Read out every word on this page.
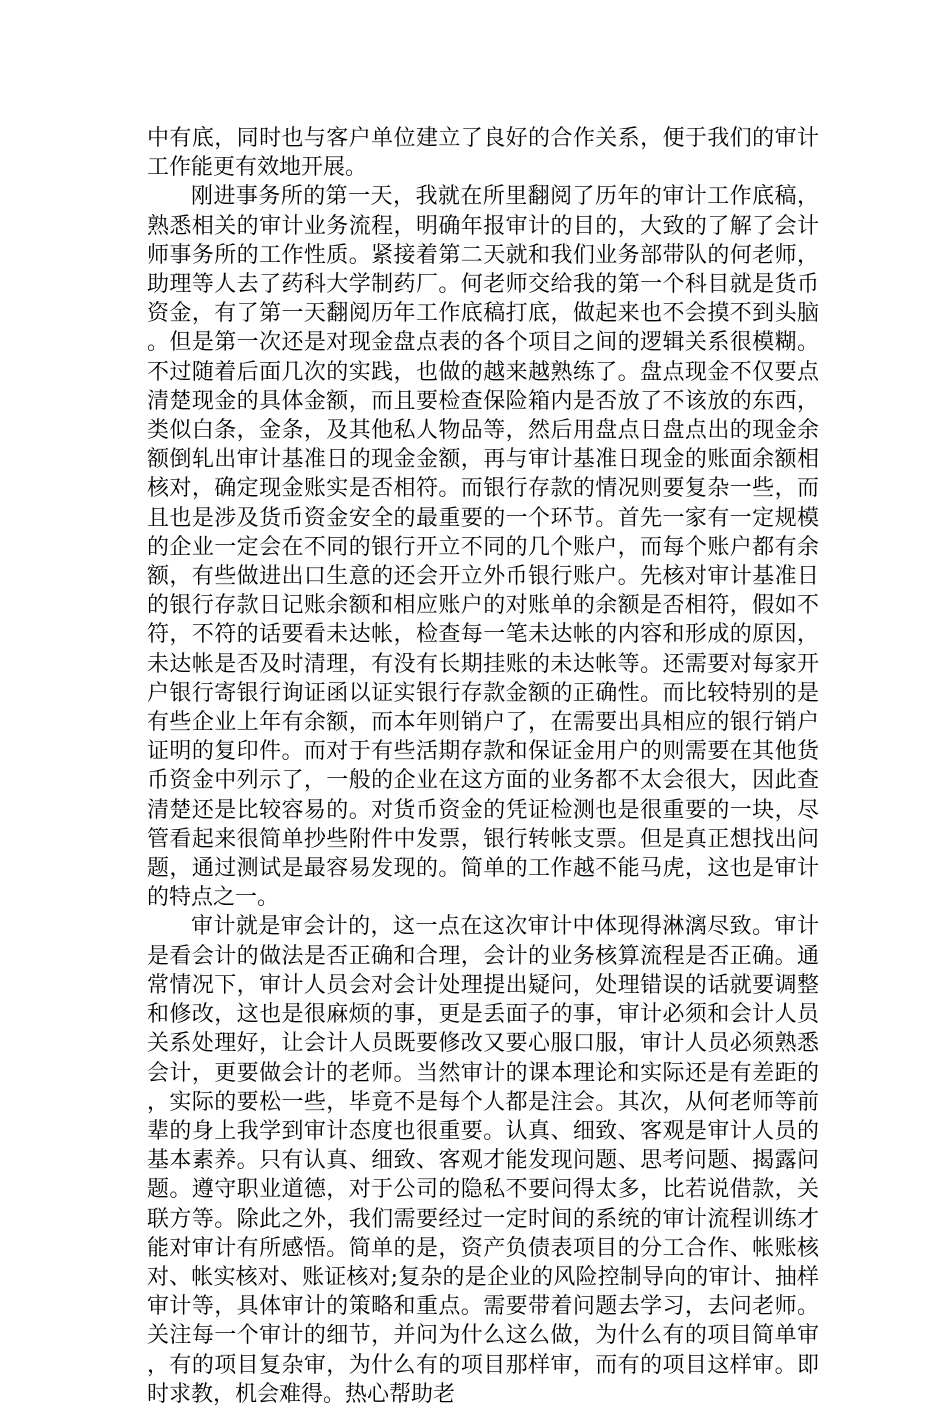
中有底，同时也与客户单位建立了良好的合作关系，便于我们的审计工作能更有效地开展。

刚进事务所的第一天，我就在所里翻阅了历年的审计工作底稿，熟悉相关的审计业务流程，明确年报审计的目的，大致的了解了会计师事务所的工作性质。紧接着第二天就和我们业务部带队的何老师，助理等人去了药科大学制药厂。何老师交给我的第一个科目就是货币资金，有了第一天翻阅历年工作底稿打底，做起来也不会摸不到头脑。但是第一次还是对现金盘点表的各个项目之间的逻辑关系很模糊。不过随着后面几次的实践，也做的越来越熟练了。盘点现金不仅要点清楚现金的具体金额，而且要检查保险箱内是否放了不该放的东西，类似白条，金条，及其他私人物品等，然后用盘点日盘点出的现金余额倒轧出审计基准日的现金金额，再与审计基准日现金的账面余额相核对，确定现金账实是否相符。而银行存款的情况则要复杂一些，而且也是涉及货币资金安全的最重要的一个环节。首先一家有一定规模的企业一定会在不同的银行开立不同的几个账户，而每个账户都有余额，有些做进出口生意的还会开立外币银行账户。先核对审计基准日的银行存款日记账余额和相应账户的对账单的余额是否相符，假如不符，不符的话要看未达帐，检查每一笔未达帐的内容和形成的原因，未达帐是否及时清理，有没有长期挂账的未达帐等。还需要对每家开户银行寄银行询证函以证实银行存款金额的正确性。而比较特别的是有些企业上年有余额，而本年则销户了，在需要出具相应的银行销户证明的复印件。而对于有些活期存款和保证金用户的则需要在其他货币资金中列示了，一般的企业在这方面的业务都不太会很大，因此查清楚还是比较容易的。对货币资金的凭证检测也是很重要的一块，尽管看起来很简单抄些附件中发票，银行转帐支票。但是真正想找出问题，通过测试是最容易发现的。简单的工作越不能马虎，这也是审计的特点之一。

审计就是审会计的，这一点在这次审计中体现得淋漓尽致。审计是看会计的做法是否正确和合理，会计的业务核算流程是否正确。通常情况下，审计人员会对会计处理提出疑问，处理错误的话就要调整和修改，这也是很麻烦的事，更是丢面子的事，审计必须和会计人员关系处理好，让会计人员既要修改又要心服口服，审计人员必须熟悉会计，更要做会计的老师。当然审计的课本理论和实际还是有差距的，实际的要松一些，毕竟不是每个人都是注会。其次，从何老师等前辈的身上我学到审计态度也很重要。认真、细致、客观是审计人员的基本素养。只有认真、细致、客观才能发现问题、思考问题、揭露问题。遵守职业道德，对于公司的隐私不要问得太多，比若说借款，关联方等。除此之外，我们需要经过一定时间的系统的审计流程训练才能对审计有所感悟。简单的是，资产负债表项目的分工合作、帐账核对、帐实核对、账证核对;复杂的是企业的风险控制导向的审计、抽样审计等，具体审计的策略和重点。需要带着问题去学习，去问老师。关注每一个审计的细节，并问为什么这么做，为什么有的项目简单审，有的项目复杂审，为什么有的项目那样审，而有的项目这样审。即时求教，机会难得。热心帮助老
